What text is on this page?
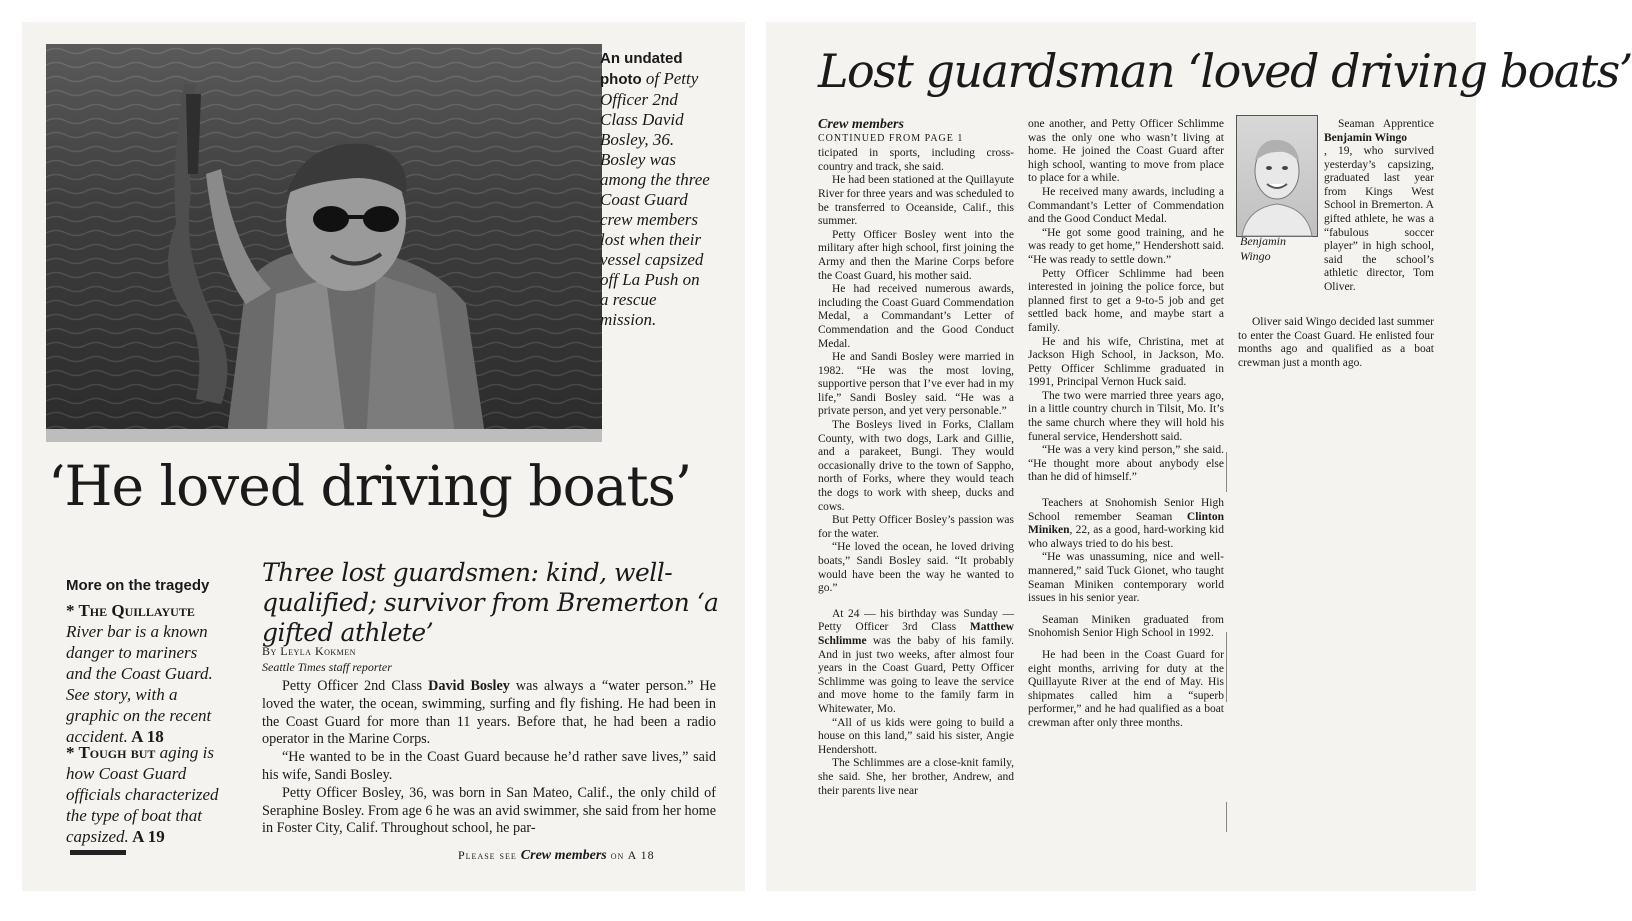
An undated photo of Petty Officer 2nd Class David Bosley, 36. Bosley was among the three Coast Guard crew members lost when their vessel capsized off La Push on a rescue mission.
‘He loved driving boats’
More on the tragedy
* The Quillayute River bar is a known danger to mariners and the Coast Guard. See story, with a graphic on the recent accident. A 18
* Tough but aging is how Coast Guard officials characterized the type of boat that capsized. A 19
Three lost guardsmen: kind, well-qualified; survivor from Bremerton ‘a gifted athlete’
By Leyla Kokmen
Seattle Times staff reporter

Petty Officer 2nd Class David Bosley was always a “water person.” He loved the water, the ocean, swimming, surfing and fly fishing. He had been in the Coast Guard for more than 11 years. Before that, he had been a radio operator in the Marine Corps.

“He wanted to be in the Coast Guard because he’d rather save lives,” said his wife, Sandi Bosley.

Petty Officer Bosley, 36, was born in San Mateo, Calif., the only child of Seraphine Bosley. From age 6 he was an avid swimmer, she said from her home in Foster City, Calif. Throughout school, he par-

Please see Crew members on A 18
Lost guardsman ‘loved driving boats’
Crew members
CONTINUED FROM PAGE 1

ticipated in sports, including cross-country and track, she said.

He had been stationed at the Quillayute River for three years and was scheduled to be transferred to Oceanside, Calif., this summer.

Petty Officer Bosley went into the military after high school, first joining the Army and then the Marine Corps before the Coast Guard, his mother said.

He had received numerous awards, including the Coast Guard Commendation Medal, a Commandant’s Letter of Commendation and the Good Conduct Medal.

He and Sandi Bosley were married in 1982. “He was the most loving, supportive person that I’ve ever had in my life,” Sandi Bosley said. “He was a private person, and yet very personable.”

The Bosleys lived in Forks, Clallam County, with two dogs, Lark and Gillie, and a parakeet, Bungi. They would occasionally drive to the town of Sappho, north of Forks, where they would teach the dogs to work with sheep, ducks and cows.

But Petty Officer Bosley’s passion was for the water.

“He loved the ocean, he loved driving boats,” Sandi Bosley said. “It probably would have been the way he wanted to go.”

At 24 — his birthday was Sunday — Petty Officer 3rd Class Matthew Schlimme was the baby of his family. And in just two weeks, after almost four years in the Coast Guard, Petty Officer Schlimme was going to leave the service and move home to the family farm in Whitewater, Mo.

“All of us kids were going to build a house on this land,” said his sister, Angie Hendershott.

The Schlimmes are a close-knit family, she said. She, her brother, Andrew, and their parents live near

one another, and Petty Officer Schlimme was the only one who wasn’t living at home. He joined the Coast Guard after high school, wanting to move from place to place for a while.

He received many awards, including a Commandant’s Letter of Commendation and the Good Conduct Medal.

“He got some good training, and he was ready to get home,” Hendershott said. “He was ready to settle down.”

Petty Officer Schlimme had been interested in joining the police force, but planned first to get a 9-to-5 job and get settled back home, and maybe start a family.

He and his wife, Christina, met at Jackson High School, in Jackson, Mo. Petty Officer Schlimme graduated in 1991, Principal Vernon Huck said.

The two were married three years ago, in a little country church in Tilsit, Mo. It’s the same church where they will hold his funeral service, Hendershott said.

“He was a very kind person,” she said. “He thought more about anybody else than he did of himself.”

Teachers at Snohomish Senior High School remember Seaman Clinton Miniken, 22, as a good, hard-working kid who always tried to do his best.

“He was unassuming, nice and well-mannered,” said Tuck Gionet, who taught Seaman Miniken contemporary world issues in his senior year.

Seaman Miniken graduated from Snohomish Senior High School in 1992.

He had been in the Coast Guard for eight months, arriving for duty at the Quillayute River at the end of May. His shipmates called him a “superb performer,” and he had qualified as a boat crewman after only three months.

Benjamin Wingo

Seaman Apprentice Benjamin Wingo

, 19, who survived yesterday’s capsizing, graduated last year from Kings West School in Bremerton. A gifted athlete, he was a “fabulous soccer player” in high school, said the school’s athletic director, Tom Oliver.

Oliver said Wingo decided last summer to enter the Coast Guard. He enlisted four months ago and qualified as a boat crewman just a month ago.
